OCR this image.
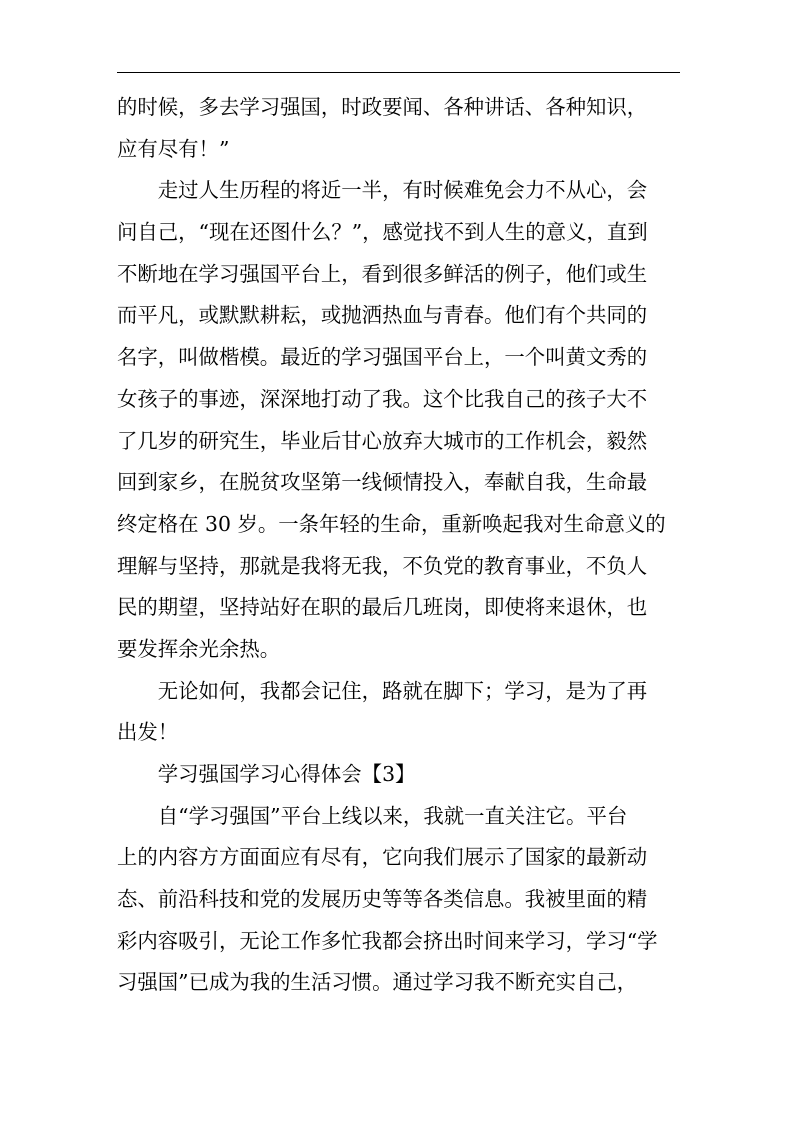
的时候，多去学习强国，时政要闻、各种讲话、各种知识，
应有尽有！”
　　走过人生历程的将近一半，有时候难免会力不从心，会
问自己，“现在还图什么？”，感觉找不到人生的意义，直到
不断地在学习强国平台上，看到很多鲜活的例子，他们或生
而平凡，或默默耕耘，或抛洒热血与青春。他们有个共同的
名字，叫做楷模。最近的学习强国平台上，一个叫黄文秀的
女孩子的事迹，深深地打动了我。这个比我自己的孩子大不
了几岁的研究生，毕业后甘心放弃大城市的工作机会，毅然
回到家乡，在脱贫攻坚第一线倾情投入，奉献自我，生命最
终定格在 30 岁。一条年轻的生命，重新唤起我对生命意义的
理解与坚持，那就是我将无我，不负党的教育事业，不负人
民的期望，坚持站好在职的最后几班岗，即使将来退休，也
要发挥余光余热。
　　无论如何，我都会记住，路就在脚下；学习，是为了再
出发！
　　学习强国学习心得体会【3】
　　自“学习强国”平台上线以来，我就一直关注它。平台
上的内容方方面面应有尽有，它向我们展示了国家的最新动
态、前沿科技和党的发展历史等等各类信息。我被里面的精
彩内容吸引，无论工作多忙我都会挤出时间来学习，学习“学
习强国”已成为我的生活习惯。通过学习我不断充实自己，
